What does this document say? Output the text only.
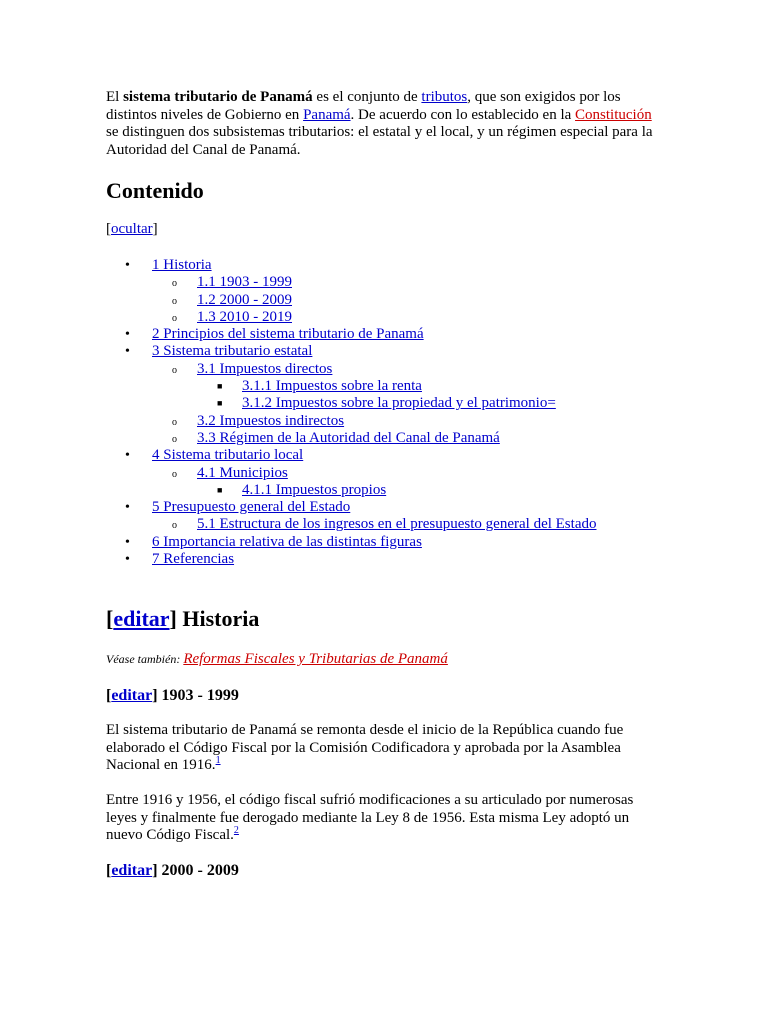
El sistema tributario de Panamá es el conjunto de tributos, que son exigidos por los distintos niveles de Gobierno en Panamá. De acuerdo con lo establecido en la Constitución se distinguen dos subsistemas tributarios: el estatal y el local, y un régimen especial para la Autoridad del Canal de Panamá.

Contenido
[ocultar]
• 1 Historia
o 1.1 1903 - 1999
o 1.2 2000 - 2009
o 1.3 2010 - 2019
• 2 Principios del sistema tributario de Panamá
• 3 Sistema tributario estatal
o 3.1 Impuestos directos
■ 3.1.1 Impuestos sobre la renta
■ 3.1.2 Impuestos sobre la propiedad y el patrimonio=
o 3.2 Impuestos indirectos
o 3.3 Régimen de la Autoridad del Canal de Panamá
• 4 Sistema tributario local
o 4.1 Municipios
■ 4.1.1 Impuestos propios
• 5 Presupuesto general del Estado
o 5.1 Estructura de los ingresos en el presupuesto general del Estado
• 6 Importancia relativa de las distintas figuras
• 7 Referencias
[editar] Historia
Véase también: Reformas Fiscales y Tributarias de Panamá
[editar] 1903 - 1999

El sistema tributario de Panamá se remonta desde el inicio de la República cuando fue elaborado el Código Fiscal por la Comisión Codificadora y aprobada por la Asamblea Nacional en 1916.$^1$

Entre 1916 y 1956, el código fiscal sufrió modificaciones a su articulado por numerosas leyes y finalmente fue derogado mediante la Ley 8 de 1956. Esta misma Ley adoptó un nuevo Código Fiscal.$^2$

[editar] 2000 - 2009
